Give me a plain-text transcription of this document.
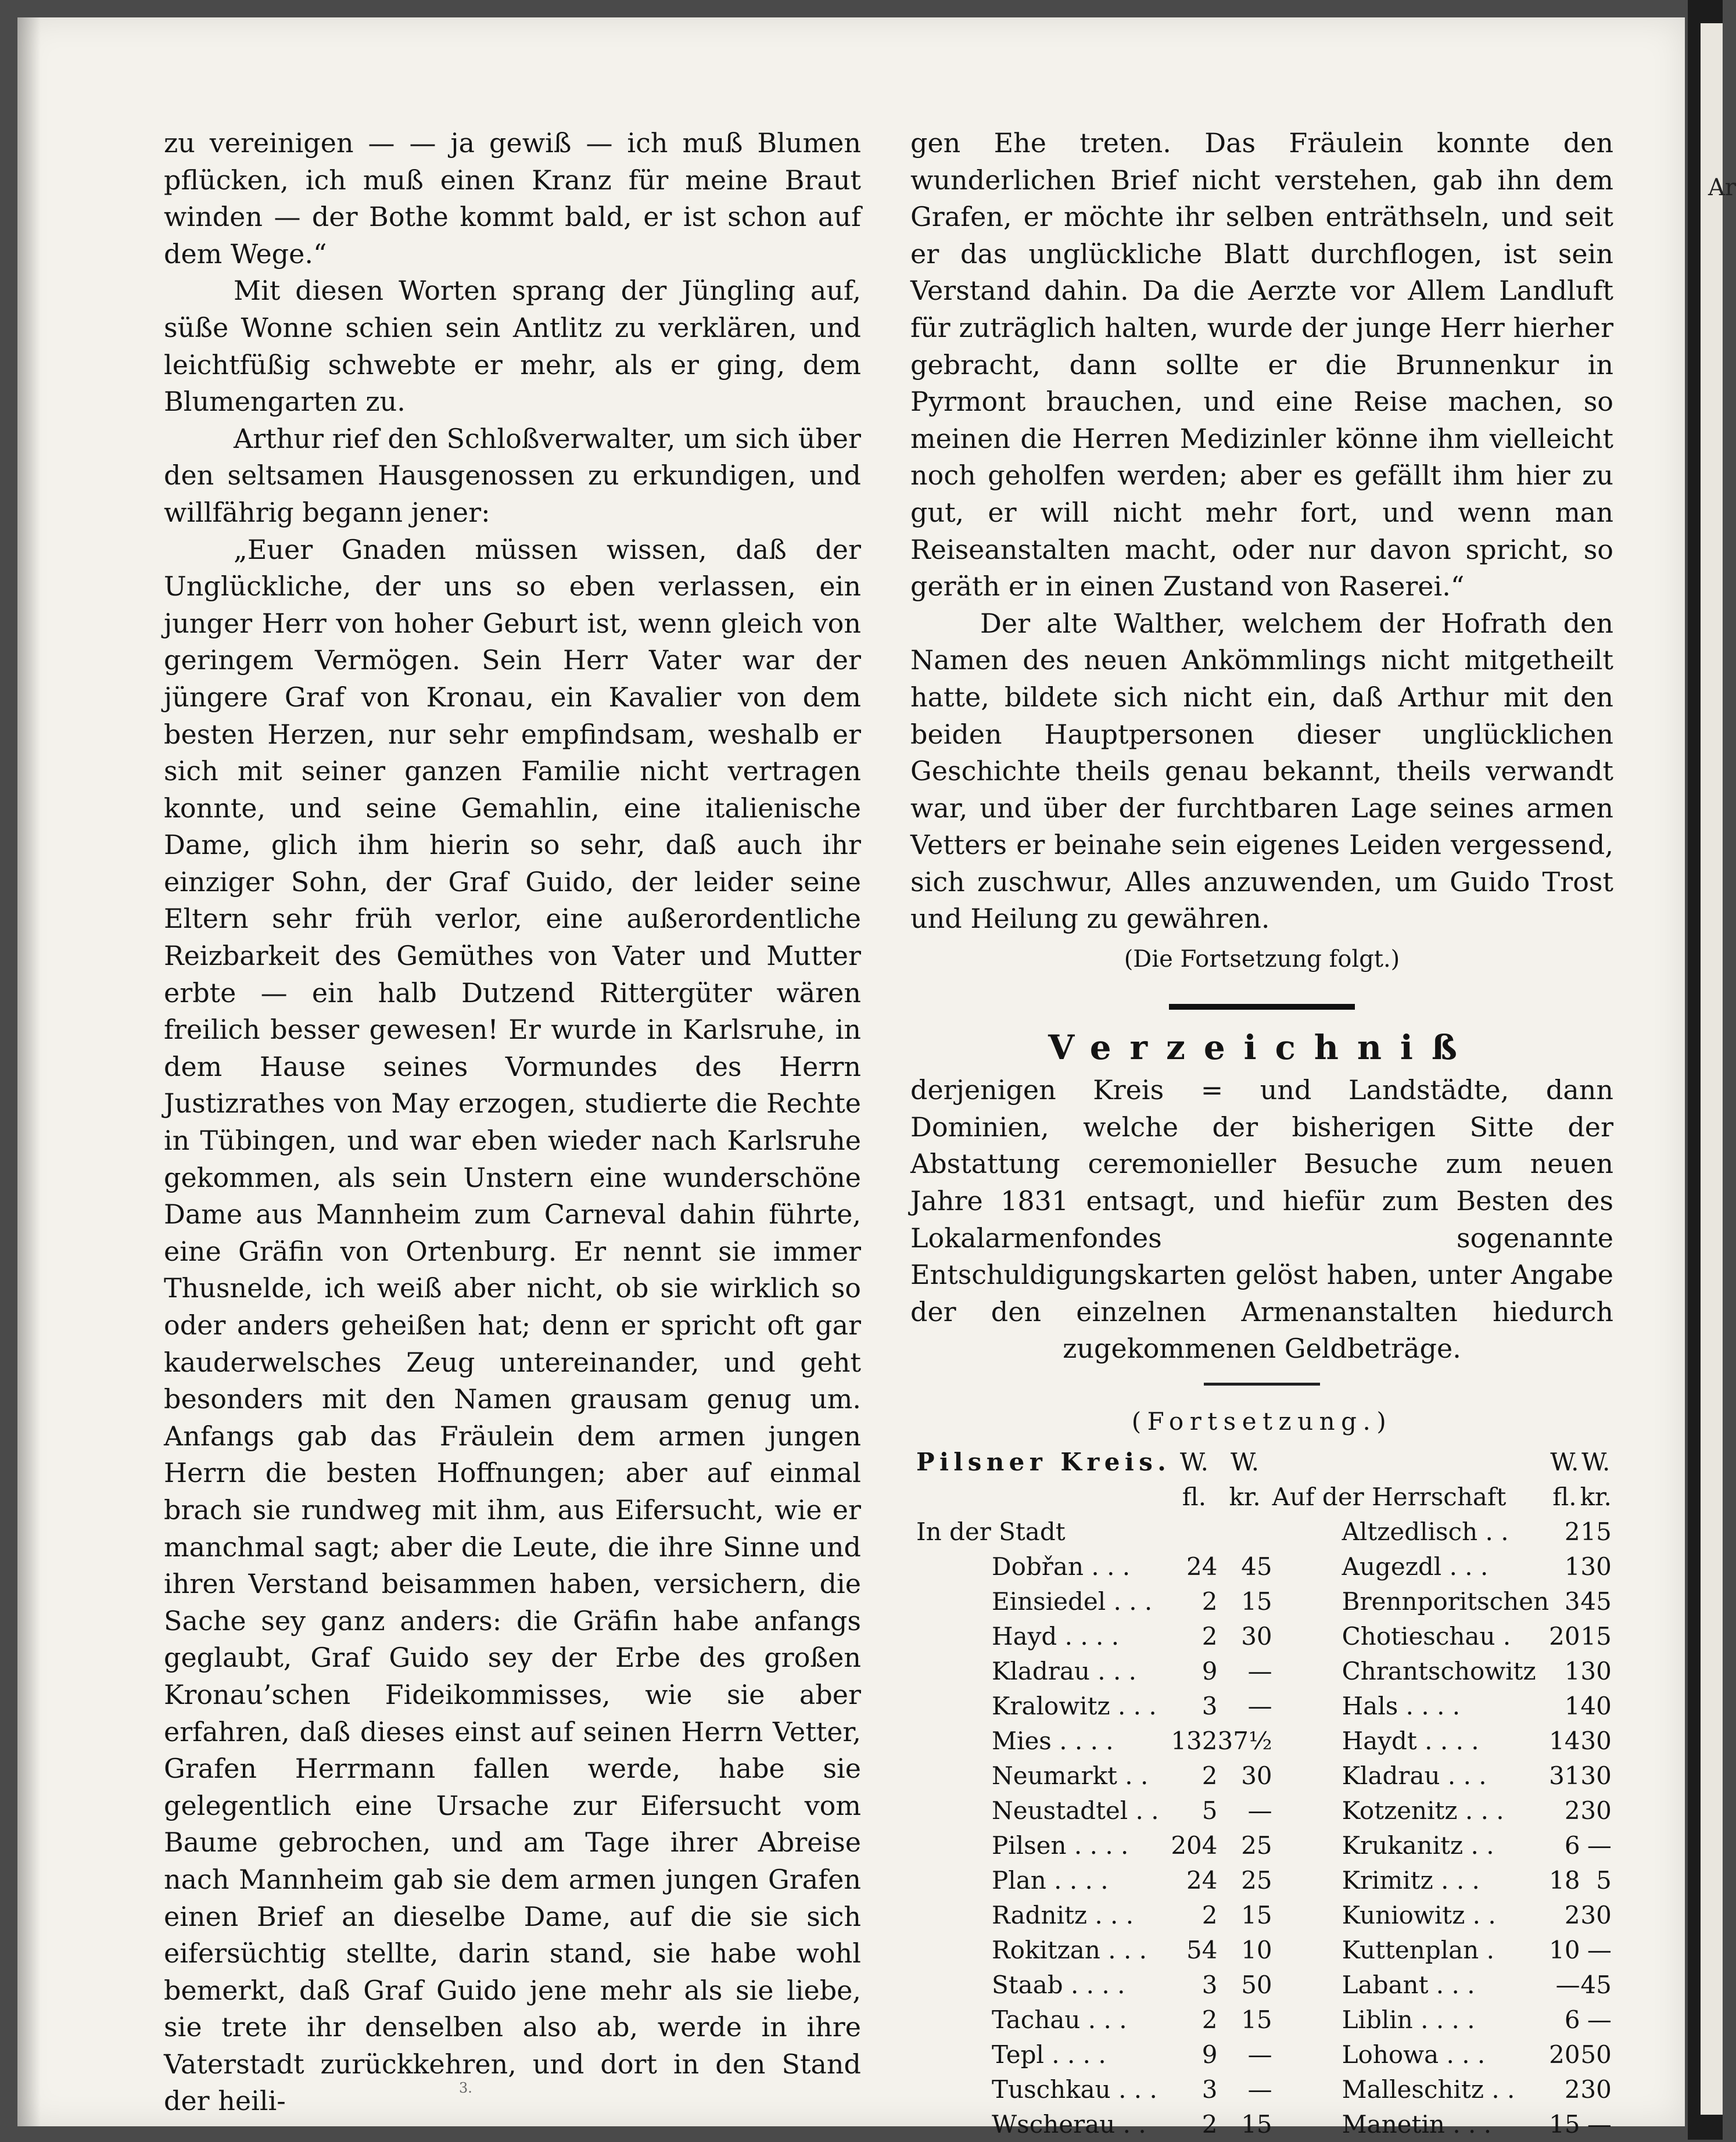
Ar

zu vereinigen — — ja gewiß — ich muß Blumen pflücken, ich muß einen Kranz für meine Braut winden — der Bothe kommt bald, er ist schon auf dem Wege.“

Mit diesen Worten sprang der Jüngling auf, süße Wonne schien sein Antlitz zu verklären, und leichtfüßig schwebte er mehr, als er ging, dem Blumengarten zu.

Arthur rief den Schloßverwalter, um sich über den seltsamen Hausgenossen zu erkundigen, und willfährig begann jener:

„Euer Gnaden müssen wissen, daß der Unglückliche, der uns so eben verlassen, ein junger Herr von hoher Geburt ist, wenn gleich von geringem Vermögen. Sein Herr Vater war der jüngere Graf von Kronau, ein Kavalier von dem besten Herzen, nur sehr empfindsam, weshalb er sich mit seiner ganzen Familie nicht vertragen konnte, und seine Gemahlin, eine italienische Dame, glich ihm hierin so sehr, daß auch ihr einziger Sohn, der Graf Guido, der leider seine Eltern sehr früh verlor, eine außerordentliche Reizbarkeit des Gemüthes von Vater und Mutter erbte — ein halb Dutzend Rittergüter wären freilich besser gewesen! Er wurde in Karlsruhe, in dem Hause seines Vormundes des Herrn Justizrathes von May erzogen, studierte die Rechte in Tübingen, und war eben wieder nach Karlsruhe gekommen, als sein Unstern eine wunderschöne Dame aus Mannheim zum Carneval dahin führte, eine Gräfin von Ortenburg. Er nennt sie immer Thusnelde, ich weiß aber nicht, ob sie wirklich so oder anders geheißen hat; denn er spricht oft gar kauderwelsches Zeug untereinander, und geht besonders mit den Namen grausam genug um. Anfangs gab das Fräulein dem armen jungen Herrn die besten Hoffnungen; aber auf einmal brach sie rundweg mit ihm, aus Eifersucht, wie er manchmal sagt; aber die Leute, die ihre Sinne und ihren Verstand beisammen haben, versichern, die Sache sey ganz anders: die Gräfin habe anfangs geglaubt, Graf Guido sey der Erbe des großen Kronau’schen Fideikommisses, wie sie aber erfahren, daß dieses einst auf seinen Herrn Vetter, Grafen Herrmann fallen werde, habe sie gelegentlich eine Ursache zur Eifersucht vom Baume gebrochen, und am Tage ihrer Abreise nach Mannheim gab sie dem armen jungen Grafen einen Brief an dieselbe Dame, auf die sie sich eifersüchtig stellte, darin stand, sie habe wohl bemerkt, daß Graf Guido jene mehr als sie liebe, sie trete ihr denselben also ab, werde in ihre Vaterstadt zurückkehren, und dort in den Stand der heili-

gen Ehe treten. Das Fräulein konnte den wunderlichen Brief nicht verstehen, gab ihn dem Grafen, er möchte ihr selben enträthseln, und seit er das unglückliche Blatt durchflogen, ist sein Verstand dahin. Da die Aerzte vor Allem Landluft für zuträglich halten, wurde der junge Herr hierher gebracht, dann sollte er die Brunnenkur in Pyrmont brauchen, und eine Reise machen, so meinen die Herren Medizinler könne ihm vielleicht noch geholfen werden; aber es gefällt ihm hier zu gut, er will nicht mehr fort, und wenn man Reiseanstalten macht, oder nur davon spricht, so geräth er in einen Zustand von Raserei.“

Der alte Walther, welchem der Hofrath den Namen des neuen Ankömmlings nicht mitgetheilt hatte, bildete sich nicht ein, daß Arthur mit den beiden Hauptpersonen dieser unglücklichen Geschichte theils genau bekannt, theils verwandt war, und über der furchtbaren Lage seines armen Vetters er beinahe sein eigenes Leiden vergessend, sich zuschwur, Alles anzuwenden, um Guido Trost und Heilung zu gewähren.

(Die Fortsetzung folgt.)
Verzeichniß

derjenigen Kreis = und Landstädte, dann Dominien, welche der bisherigen Sitte der Abstattung ceremonieller Besuche zum neuen Jahre 1831 entsagt, und hiefür zum Besten des Lokalarmenfondes sogenannte Entschuldigungskarten gelöst haben, unter Angabe der den einzelnen Armenanstalten hiedurch zugekommenen Geldbeträge.

(Fortsetzung.)
Pilsner Kreis.	W.	W.		W.	W.
	fl.	kr.	Auf der Herrschaft	fl.	kr.
In der Stadt			Altzedlisch . .	2	15
Dobřan . . .	24	45	Augezdl . . .	1	30
Einsiedel . . .	2	15	Brennporitschen	3	45
Hayd . . . .	2	30	Chotieschau .	20	15
Kladrau . . .	9	—	Chrantschowitz	1	30
Kralowitz . . .	3	—	Hals . . . .	1	40
Mies . . . .	132	37½	Haydt . . . .	14	30
Neumarkt . .	2	30	Kladrau . . .	31	30
Neustadtel . .	5	—	Kotzenitz . . .	2	30
Pilsen . . . .	204	25	Krukanitz . .	6	—
Plan . . . .	24	25	Krimitz . . .	18	5
Radnitz . . .	2	15	Kuniowitz . .	2	30
Rokitzan . . .	54	10	Kuttenplan .	10	—
Staab . . . .	3	50	Labant . . .	—	45
Tachau . . .	2	15	Liblin . . . .	6	—
Tepl . . . .	9	—	Lohowa . . .	20	50
Tuschkau . . .	3	—	Malleschitz . .	2	30
Wscherau . .	2	15	Manetin . . .	15	—
3.
